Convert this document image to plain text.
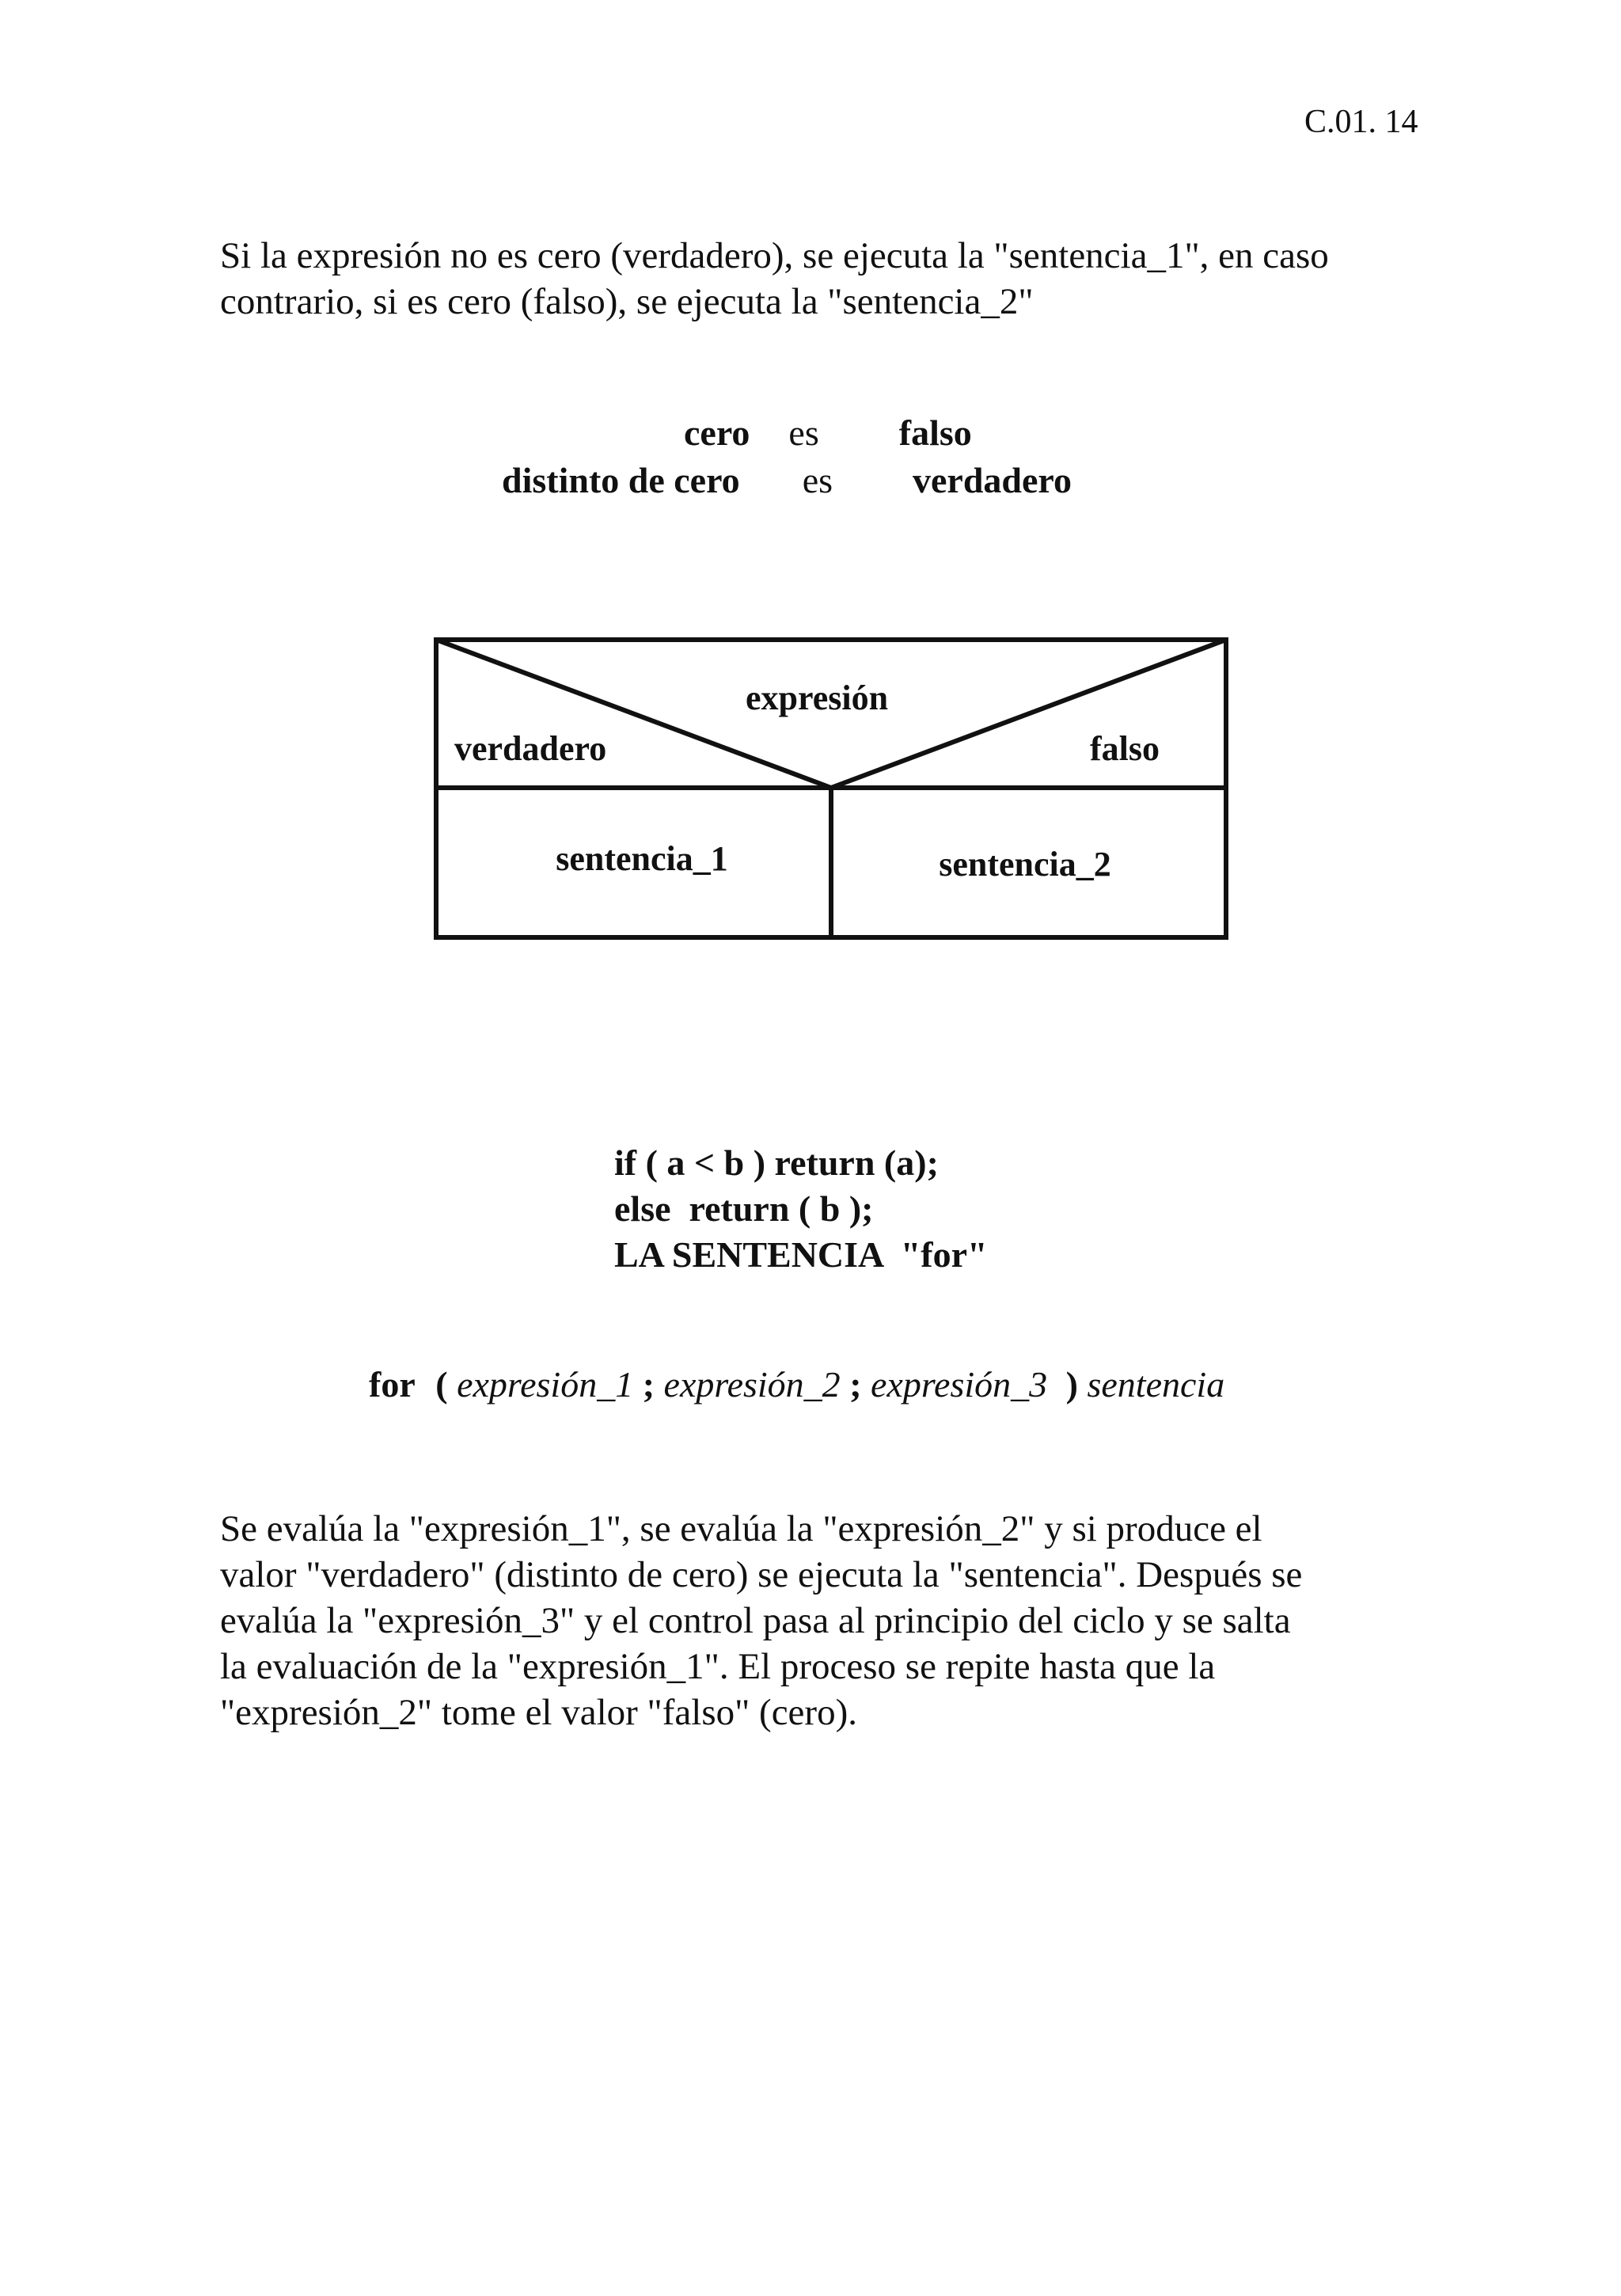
C.01. 14
Si la expresión no es cero (verdadero), se ejecuta la "sentencia_1", en caso
contrario, si es cero (falso), se ejecuta la "sentencia_2"
cero es falso
distinto de cero es verdadero
expresión
verdadero	falso
sentencia_1	sentencia_2
if ( a < b ) return (a);
else  return ( b );
LA SENTENCIA  "for"
for ( expresión_1 ; expresión_2 ; expresión_3 ) sentencia
Se evalúa la "expresión_1", se evalúa la "expresión_2" y si produce el
valor "verdadero" (distinto de cero) se ejecuta la "sentencia". Después se
evalúa la "expresión_3" y el control pasa al principio del ciclo y se salta
la evaluación de la "expresión_1". El proceso se repite hasta que la
"expresión_2" tome el valor "falso" (cero).
